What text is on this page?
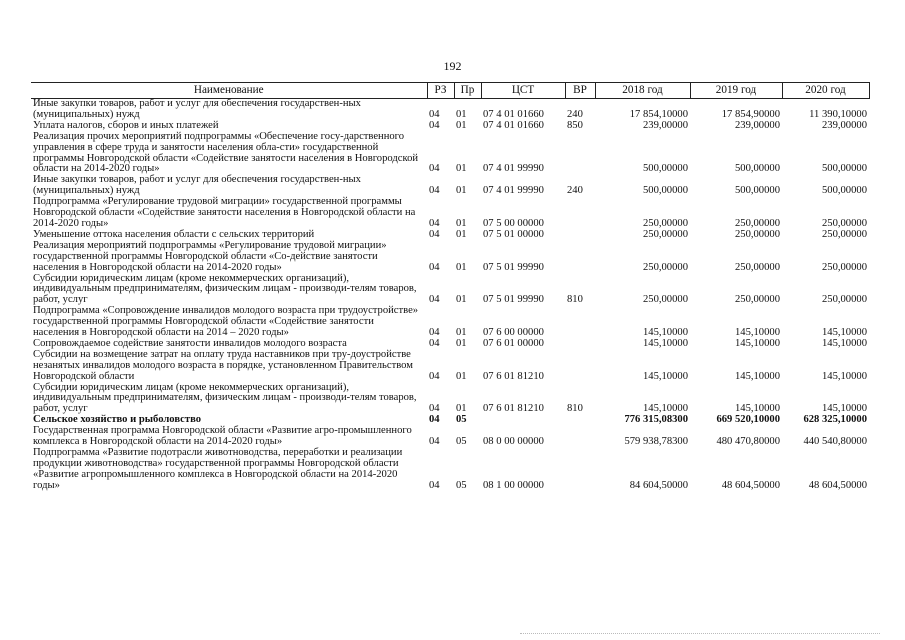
192
Наименование	РЗ	Пр	ЦСТ	ВР	2018 год	2019 год	2020 год
Иные закупки товаров, работ и услуг для обеспечения государствен-ных (муниципальных) нужд	04	01	07 4 01 01660	240	17 854,10000	17 854,90000	11 390,10000
Уплата налогов, сборов и иных платежей	04	01	07 4 01 01660	850	239,00000	239,00000	239,00000
Реализация прочих мероприятий подпрограммы «Обеспечение госу-дарственного управления в сфере труда и занятости населения обла-сти» государственной программы Новгородской области «Содействие занятости населения в Новгородской области на 2014-2020 годы»	04	01	07 4 01 99990		500,00000	500,00000	500,00000
Иные закупки товаров, работ и услуг для обеспечения государствен-ных (муниципальных) нужд	04	01	07 4 01 99990	240	500,00000	500,00000	500,00000
Подпрограмма «Регулирование трудовой миграции» государственной программы Новгородской области «Содействие занятости населения в Новгородской области на 2014-2020 годы»	04	01	07 5 00 00000		250,00000	250,00000	250,00000
Уменьшение оттока населения области с сельских территорий	04	01	07 5 01 00000		250,00000	250,00000	250,00000
Реализация мероприятий подпрограммы «Регулирование трудовой миграции» государственной программы Новгородской области «Со-действие занятости населения в Новгородской области на 2014-2020 годы»	04	01	07 5 01 99990		250,00000	250,00000	250,00000
Субсидии юридическим лицам (кроме некоммерческих организаций), индивидуальным предпринимателям, физическим лицам - производи-телям товаров, работ, услуг	04	01	07 5 01 99990	810	250,00000	250,00000	250,00000
Подпрограмма «Сопровождение инвалидов молодого возраста при трудоустройстве» государственной программы Новгородской области «Содействие занятости населения в Новгородской области на 2014 – 2020 годы»	04	01	07 6 00 00000		145,10000	145,10000	145,10000
Сопровождаемое содействие занятости инвалидов молодого возраста	04	01	07 6 01 00000		145,10000	145,10000	145,10000
Субсидии на возмещение затрат на оплату труда наставников при тру-доустройстве незанятых инвалидов молодого возраста в порядке, установленном Правительством Новгородской области	04	01	07 6 01 81210		145,10000	145,10000	145,10000
Субсидии юридическим лицам (кроме некоммерческих организаций), индивидуальным предпринимателям, физическим лицам - производи-телям товаров, работ, услуг	04	01	07 6 01 81210	810	145,10000	145,10000	145,10000
Сельское хозяйство и рыболовство	04	05			776 315,08300	669 520,10000	628 325,10000
Государственная программа Новгородской области «Развитие агро-промышленного комплекса в Новгородской области на 2014-2020 годы»	04	05	08 0 00 00000		579 938,78300	480 470,80000	440 540,80000
Подпрограмма «Развитие подотрасли животноводства, переработки и реализации продукции животноводства» государственной программы Новгородской области «Развитие агропромышленного комплекса в Новгородской области на 2014-2020 годы»	04	05	08 1 00 00000		84 604,50000	48 604,50000	48 604,50000
